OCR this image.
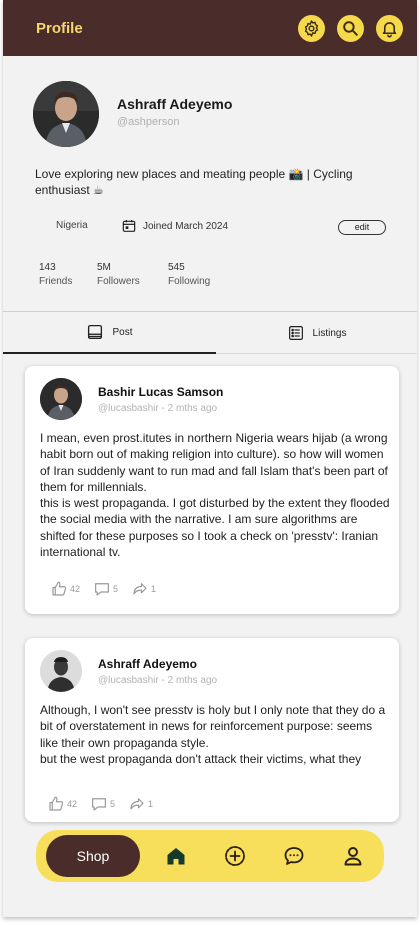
Profile
Ashraff Adeyemo
@ashperson
Love exploring new places and meating people 📸 | Cycling enthusiast ☕
Nigeria	Joined March 2024	edit
143
Friends
5M
Followers
545
Following
Post	Listings
Bashir Lucas Samson
@lucasbashir - 2 mths ago
I mean, even prost.itutes in northern Nigeria wears hijab (a wrong habit born out of making religion into culture). so how will women of Iran suddenly want to run mad and fall Islam that's been part of them for millennials.
this is west propaganda. I got disturbed by the extent they flooded the social media with the narrative. I am sure algorithms are shifted for these purposes so I took a check on 'presstv': Iranian international tv.
42	5	1
Ashraff Adeyemo
@lucasbashir - 2 mths ago
Although, I won't see presstv is holy but I only note that they do a bit of overstatement in news for reinforcement purpose: seems like their own propaganda style.
but the west propaganda don't attack their victims, what they
42	5	1
Shop
